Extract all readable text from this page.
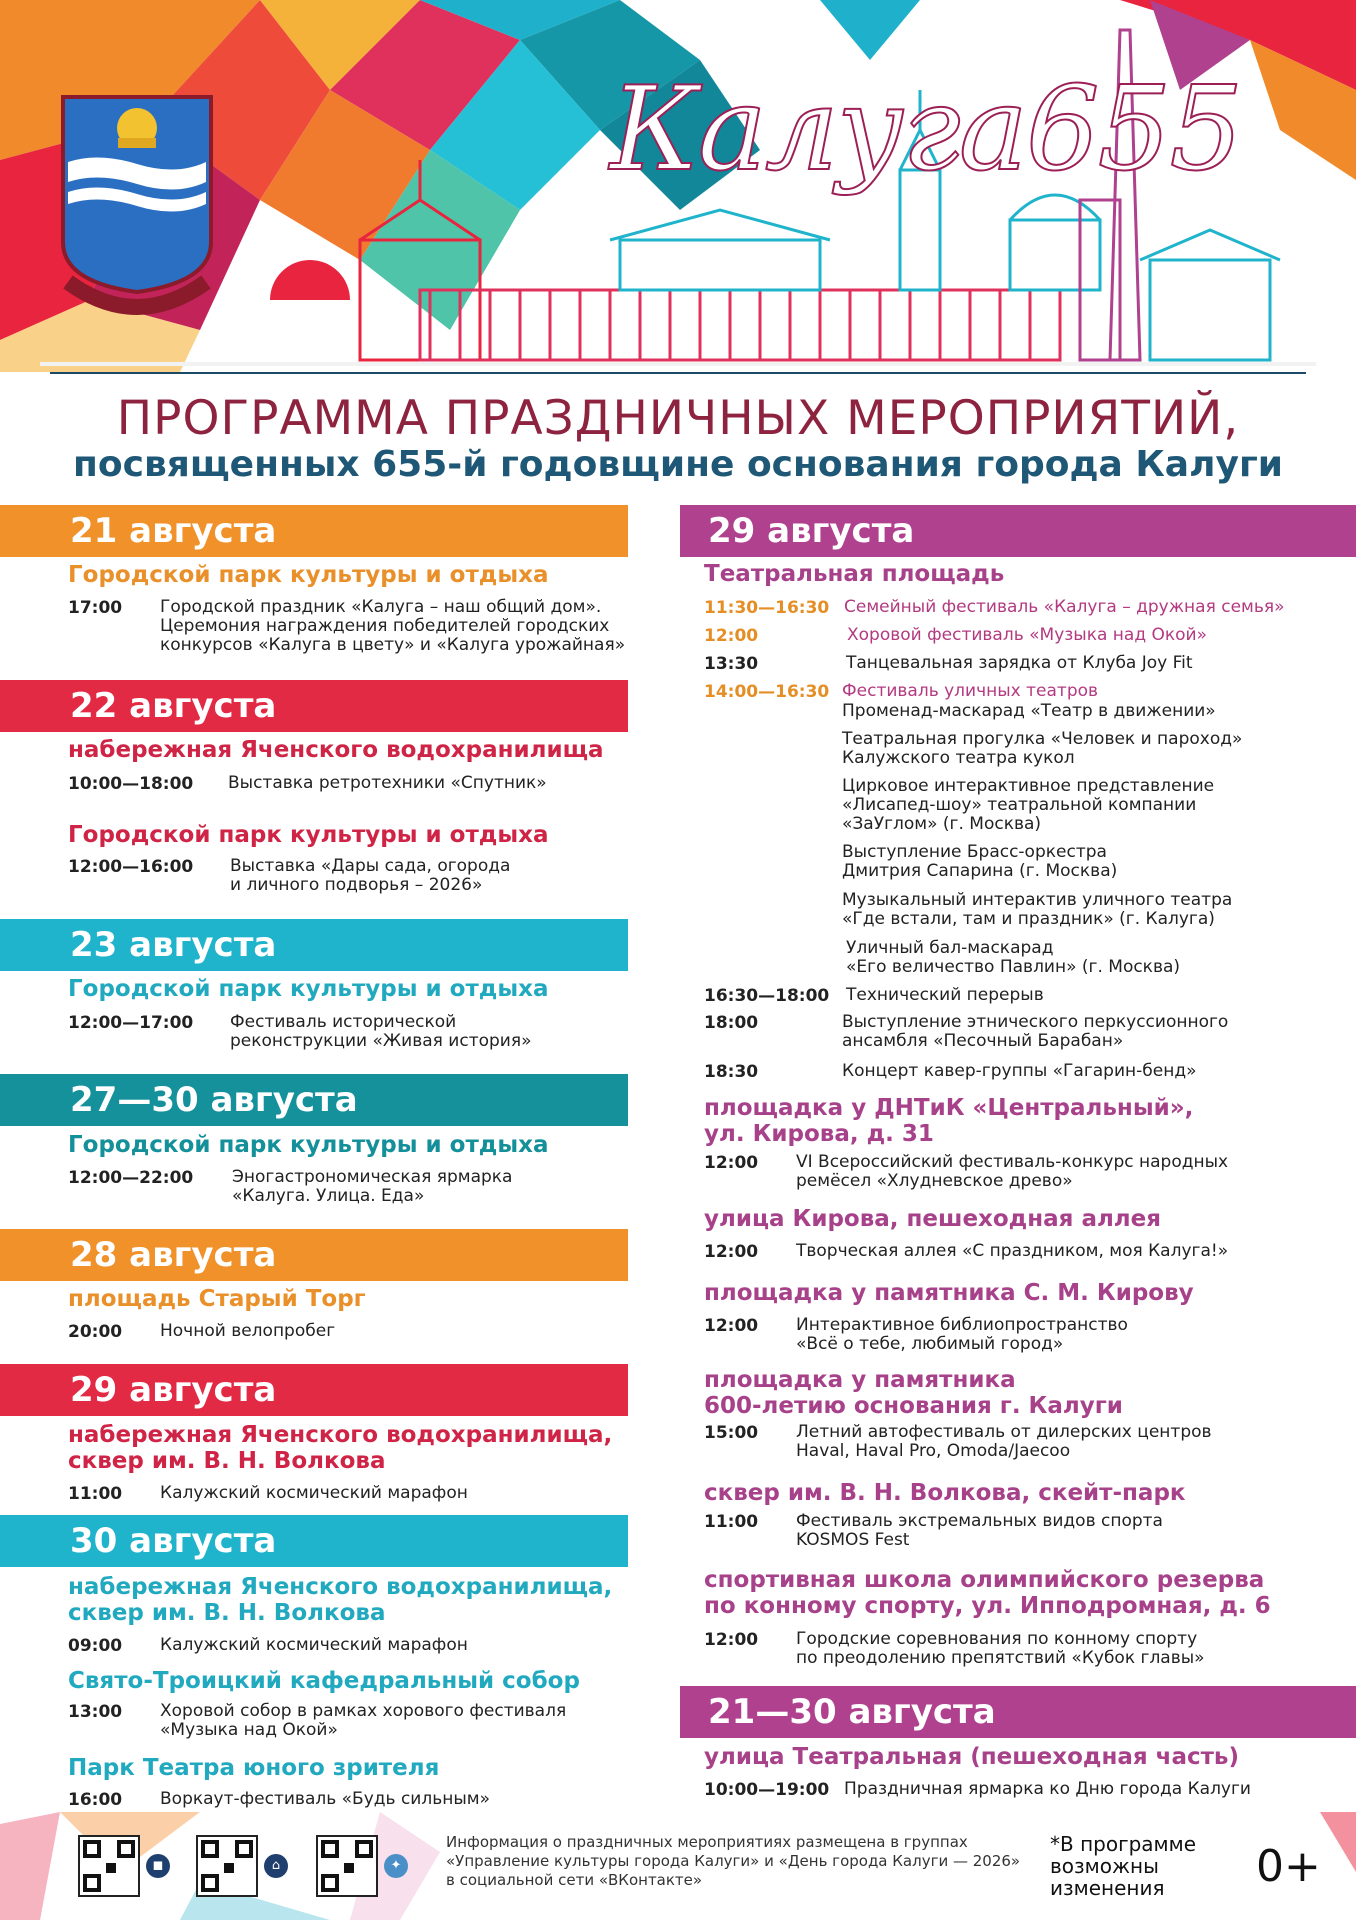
Калуга655
ПРОГРАММА ПРАЗДНИЧНЫХ МЕРОПРИЯТИЙ,
посвященных 655-й годовщине основания города Калуги
21 августа
Городской парк культуры и отдыха
17:00 Городской праздник «Калуга – наш общий дом».
Церемония награждения победителей городских
конкурсов «Калуга в цвету» и «Калуга урожайная»
22 августа
набережная Яченского водохранилища
10:00—18:00 Выставка ретротехники «Спутник»
Городской парк культуры и отдыха
12:00—16:00 Выставка «Дары сада, огорода
и личного подворья – 2026»
23 августа
Городской парк культуры и отдыха
12:00—17:00 Фестиваль исторической
реконструкции «Живая история»
27—30 августа
Городской парк культуры и отдыха
12:00—22:00 Эногастрономическая ярмарка
«Калуга. Улица. Еда»
28 августа
площадь Старый Торг
20:00 Ночной велопробег
29 августа
набережная Яченского водохранилища,
сквер им. В. Н. Волкова
11:00 Калужский космический марафон
30 августа
набережная Яченского водохранилища,
сквер им. В. Н. Волкова
09:00 Калужский космический марафон
Свято-Троицкий кафедральный собор
13:00 Хоровой собор в рамках хорового фестиваля
«Музыка над Окой»
Парк Театра юного зрителя
16:00 Воркаут-фестиваль «Будь сильным»
29 августа
Театральная площадь
11:30—16:30 Семейный фестиваль «Калуга – дружная семья»
12:00	Хоровой фестиваль «Музыка над Окой»
13:30	Танцевальная зарядка от Клуба Joy Fit
14:00—16:30 Фестиваль уличных театров
Променад-маскарад «Театр в движении»
Театральная прогулка «Человек и пароход»
Калужского театра кукол
Цирковое интерактивное представление
«Лисапед-шоу» театральной компании
«ЗаУглом» (г. Москва)
Выступление Брасс-оркестра
Дмитрия Сапарина (г. Москва)
Музыкальный интерактив уличного театра
«Где встали, там и праздник» (г. Калуга)
Уличный бал-маскарад
«Его величество Павлин» (г. Москва)
16:30—18:00 Технический перерыв
18:00	Выступление этнического перкуссионного
ансамбля «Песочный Барабан»
18:30	Концерт кавер-группы «Гагарин-бенд»
площадка у ДНТиК «Центральный»,
ул. Кирова, д. 31
12:00 VI Всероссийский фестиваль-конкурс народных
ремёсел «Хлудневское древо»
улица Кирова, пешеходная аллея
12:00 Творческая аллея «С праздником, моя Калуга!»
площадка у памятника С. М. Кирову
12:00 Интерактивное библиопространство
«Всё о тебе, любимый город»
площадка у памятника
600-летию основания г. Калуги
15:00 Летний автофестиваль от дилерских центров
Haval, Haval Pro, Omoda/Jaecoo
сквер им. В. Н. Волкова, скейт-парк
11:00 Фестиваль экстремальных видов спорта
KOSMOS Fest
спортивная школа олимпийского резерва
по конному спорту, ул. Ипподромная, д. 6
12:00 Городские соревнования по конному спорту
по преодолению препятствий «Кубок главы»
21—30 августа
улица Театральная (пешеходная часть)
10:00—19:00 Праздничная ярмарка ко Дню города Калуги
◼	⌂	✦
Информация о праздничных мероприятиях размещена в группах «Управление культуры города Калуги» и «День города Калуги — 2026» в социальной сети «ВКонтакте»
*В программе возможны изменения	0+
